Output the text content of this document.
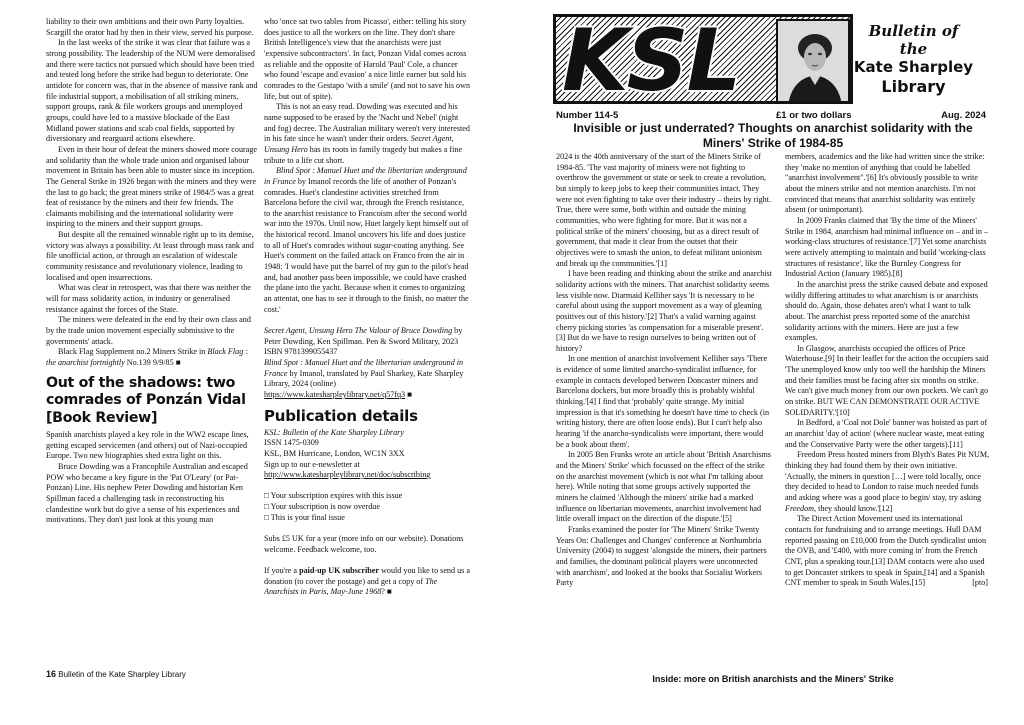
liability to their own ambitions and their own Party loyalties. Scargill the orator had by then in their view, served his purpose.

In the last weeks of the strike it was clear that failure was a strong possibility. The leadership of the NUM were demoralised and there were tactics not pursued which should have been tried and tested long before the strike had begun to deteriorate. One antidote for concern was, that in the absence of massive rank and file industrial support, a mobilisation of all striking miners, support groups, rank & file workers groups and unemployed groups, could have led to a massive blockade of the East Midland power stations and scab coal fields, supported by diversionary and rearguard actions elsewhere.

Even in their hour of defeat the miners showed more courage and solidarity than the whole trade union and organised labour movement in Britain has been able to muster since its inception. The General Strike in 1926 began with the miners and they were the last to go back; the great miners strike of 1984/5 was a great feat of resistance by the miners and their few friends. The claimants mobilising and the international solidarity were inspiring to the miners and their support groups.

But despite all the remained winnable right up to its demise, victory was always a possibility. At least through mass rank and file unofficial action, or through an escalation of widescale community resistance and revolutionary violence, leading to localised and open insurrections.

What was clear in retrospect, was that there was neither the will for mass solidarity action, in industry or generalised resistance against the forces of the State.

The miners were defeated in the end by their own class and by the trade union movement especially submissive to the governments' attack.

Black Flag Supplement no.2 Miners Strike in Black Flag : the anarchist fortnightly No.139 9/9/85 ■

Out of the shadows: two comrades of Ponzán Vidal [Book Review]

Spanish anarchists played a key role in the WW2 escape lines, getting escaped servicemen (and others) out of Nazi-occupied Europe. Two new biographies shed extra light on this.

Bruce Dowding was a Francophile Australian and escaped POW who became a key figure in the 'Pat O'Leary' (or Pat-Ponzan) Line. His nephew Peter Dowding and historian Ken Spillman faced a challenging task in reconstructing his clandestine work but do give a sense of his experiences and motivations. They don't just look at this young man

who 'once sat two tables from Picasso', either: telling his story does justice to all the workers on the line. They don't share British Intelligence's view that the anarchists were just 'expensive subcontractors'. In fact, Ponzan Vidal comes across as reliable and the opposite of Harold 'Paul' Cole, a chancer who found 'escape and evasion' a nice little earner but sold his comrades to the Gestapo 'with a smile' (and not to save his own life, but out of spite).

This is not an easy read. Dowding was executed and his name supposed to be erased by the 'Nacht und Nebel' (night and fog) decree. The Australian military weren't very interested in his fate since he wasn't under their orders. Secret Agent, Unsung Hero has its roots in family tragedy but makes a fine tribute to a life cut short.

Blind Spot : Manuel Huet and the libertarian underground in France by Imanol records the life of another of Ponzan's comrades. Huet's clandestine activities stretched from Barcelona before the civil war, through the French resistance, to the anarchist resistance to Francoism after the second world war into the 1970s. Until now, Huet largely kept himself out of the historical record. Imanol uncovers his life and does justice to all of Huet's comrades without sugar-coating anything. See Huet's comment on the failed attack on Franco from the air in 1948: 'I would have put the barrel of my gun to the pilot's head and, had another pass been impossible, we could have crashed the plane into the yacht. Because when it comes to organizing an attentat, one has to see it through to the finish, no matter the cost.'

Secret Agent, Unsung Hero The Valour of Bruce Dowding by Peter Dowding, Ken Spillman. Pen & Sword Military, 2023 ISBN 9781399055437

Blind Spot : Manuel Huet and the libertarian underground in France by Imanol, translated by Paul Sharkey, Kate Sharpley Library, 2024 (online)

https://www.katesharpleylibrary.net/q57fq3 ■

Publication details

KSL: Bulletin of the Kate Sharpley Library

ISSN 1475-0309

KSL, BM Hurricane, London, WC1N 3XX

Sign up to our e-newsletter at

http://www.katesharpleylibrary.net/doc/subscribing

□ Your subscription expires with this issue

□ Your subscription is now overdue

□ This is your final issue

Subs £5 UK for a year (more info on our website). Donations welcome. Feedback welcome, too.

If you're a paid-up UK subscriber would you like to send us a donation (to cover the postage) and get a copy of The Anarchists in Paris, May-June 1968? ■

16 Bulletin of the Kate Sharpley Library
KSL	Bulletin of the
Kate Sharpley
Library
Number 114-5	£1 or two dollars	Aug. 2024
Invisible or just underrated? Thoughts on anarchist solidarity with the Miners' Strike of 1984-85

2024 is the 40th anniversary of the start of the Miners Strike of 1984-85. 'The vast majority of miners were not fighting to overthrow the government or state or seek to create a revolution, but simply to keep jobs to keep their communities intact. They were not even fighting to take over their industry – theirs by right. True, there were some, both within and outside the mining communities, who were fighting for more. But it was not a political strike of the miners' choosing, but as a direct result of government, that made it clear from the outset that their objectives were to smash the union, to defeat militant unionism and break up the communities.'[1]

I have been reading and thinking about the strike and anarchist solidarity actions with the miners. That anarchist solidarity seems less visible now. Diarmaid Kelliher says 'It is necessary to be careful about using the support movement as a way of gleaning positives out of this history.'[2] That's a valid warning against cherry picking stories 'as compensation for a miserable present'.[3] But do we have to resign ourselves to being written out of history?

In one mention of anarchist involvement Kelliher says 'There is evidence of some limited anarcho-syndicalist influence, for example in contacts developed between Doncaster miners and Barcelona dockers, but more broadly this is probably wishful thinking.'[4] I find that 'probably' quite strange. My initial impression is that it's something he doesn't have time to check (in writing history, there are often loose ends). But I can't help also hearing 'if the anarcho-syndicalists were important, there would be a book about them'.

In 2005 Ben Franks wrote an article about 'British Anarchisms and the Miners' Strike' which focussed on the effect of the strike on the anarchist movement (which is not what I'm talking about here). While noting that some groups actively supported the miners he claimed 'Although the miners' strike had a marked influence on libertarian movements, anarchist involvement had little overall impact on the direction of the dispute.'[5]

Franks examined the poster for 'The Miners' Strike Twenty Years On: Challenges and Changes' conference at Northumbria University (2004) to suggest 'alongside the miners, their partners and families, the dominant political players were unconnected with anarchism', and looked at the books that Socialist Workers Party

members, academics and the like had written since the strike: they 'make no mention of anything that could be labelled "anarchist involvement".'[6] It's obviously possible to write about the miners strike and not mention anarchists. I'm not convinced that means that anarchist solidarity was entirely absent (or unimportant).

In 2009 Franks claimed that 'By the time of the Miners' Strike in 1984, anarchism had minimal influence on – and in – working-class structures of resistance.'[7] Yet some anarchists were actively attempting to maintain and build 'working-class structures of resistance', like the Burnley Congress for Industrial Action (January 1985).[8]

In the anarchist press the strike caused debate and exposed wildly differing attitudes to what anarchism is or anarchists should do. Again, those debates aren't what I want to talk about. The anarchist press reported some of the anarchist solidarity actions with the miners. Here are just a few examples.

In Glasgow, anarchists occupied the offices of Price Waterhouse.[9] In their leaflet for the action the occupiers said 'The unemployed know only too well the hardship the Miners and their families must be facing after six months on strike. We can't give much money from our own pockets. We can't go on strike. BUT WE CAN DEMONSTRATE OUR ACTIVE SOLIDARITY.'[10]

In Bedford, a 'Coal not Dole' banner was hoisted as part of an anarchist 'day of action' (where nuclear waste, meat eating and the Conservative Party were the other targets).[11]

Freedom Press hosted miners from Blyth's Bates Pit NUM, thinking they had found them by their own initiative. 'Actually, the miners in question […] were told locally, once they decided to head to London to raise much needed funds and asking where was a good place to begin/ stay, try asking Freedom, they should know.'[12]

The Direct Action Movement used its international contacts for fundraising and to arrange meetings. Hull DAM reported passing on £10,000 from the Dutch syndicalist union the OVB, and '£400, with more coming in' from the French CNT, plus a speaking tour.[13] DAM contacts were also used to get Doncaster strikers to speak in Spain,[14] and a Spanish CNT member to speak in South Wales.[15]	[pto]

Inside: more on British anarchists and the Miners' Strike
